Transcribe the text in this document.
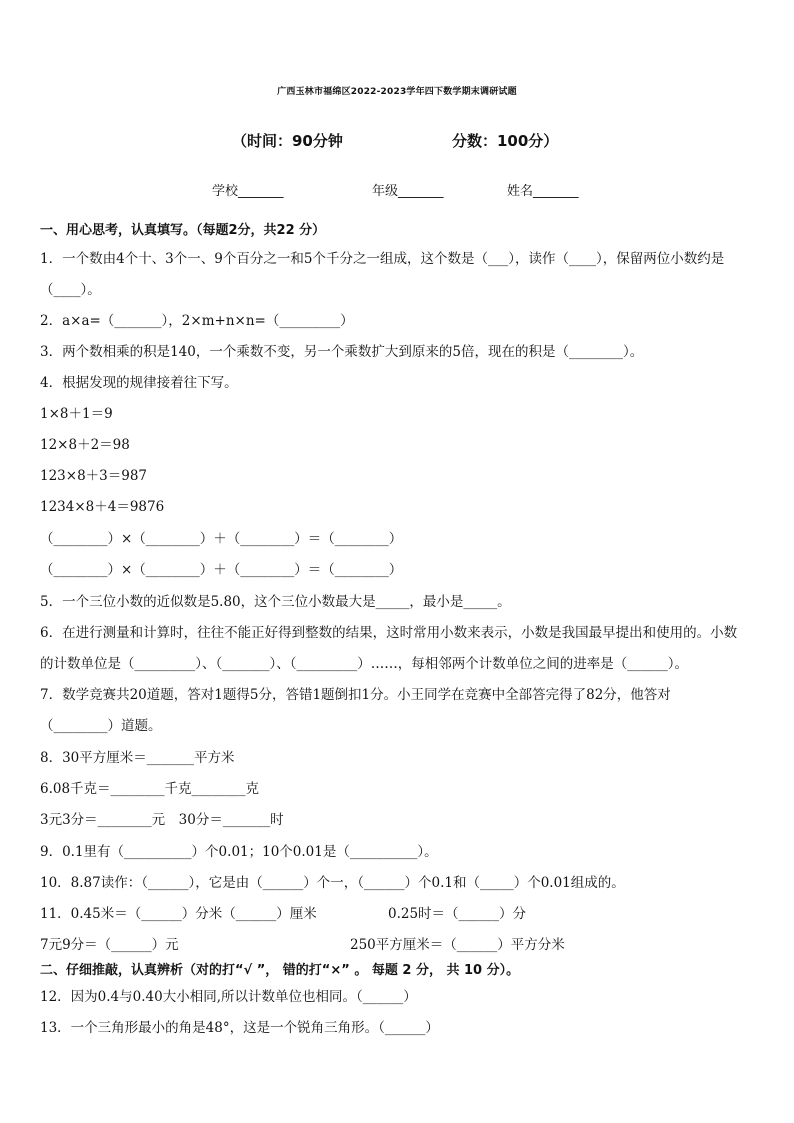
广西玉林市福绵区2022-2023学年四下数学期末调研试题
（时间：90分钟	分数：100分）
学校_______	年级_______	姓名_______
一、用心思考，认真填写。（每题2分，共22 分）
1．一个数由4个十、3个一、9个百分之一和5个千分之一组成，这个数是（___），读作（____），保留两位小数约是
（____）。
2．a×a=（_______），2×m+n×n=（_________）
3．两个数相乘的积是140，一个乘数不变，另一个乘数扩大到原来的5倍，现在的积是（________）。
4．根据发现的规律接着往下写。
1×8＋1＝9
12×8＋2＝98
123×8＋3＝987
1234×8＋4＝9876
（________）×（________）＋（________）＝（________）
（________）×（________）＋（________）＝（________）
5．一个三位小数的近似数是5.80，这个三位小数最大是_____，最小是_____。
6．在进行测量和计算时，往往不能正好得到整数的结果，这时常用小数来表示，小数是我国最早提出和使用的。小数
的计数单位是（_________）、（_______）、（_________）……，每相邻两个计数单位之间的进率是（______）。
7．数学竞赛共20道题，答对1题得5分，答错1题倒扣1分。小王同学在竞赛中全部答完得了82分，他答对
（________）道题。
8．30平方厘米＝_______平方米
6.08千克＝________千克________克
3元3分＝________元　30分＝_______时
9．0.1里有（__________）个0.01；10个0.01是（__________）。
10．8.87读作：（______），它是由（______）个一，（______）个0.1和（_____）个0.01组成的。
11．0.45米＝（______）分米（______）厘米	0.25时＝（______）分
7元9分＝（______）元	250平方厘米＝（______）平方分米
二、仔细推敲，认真辨析（对的打“√ ”， 错的打“×” 。 每题 2 分， 共 10 分）。
12．因为0.4与0.40大小相同,所以计数单位也相同。（______）
13．一个三角形最小的角是48°，这是一个锐角三角形。（______）
